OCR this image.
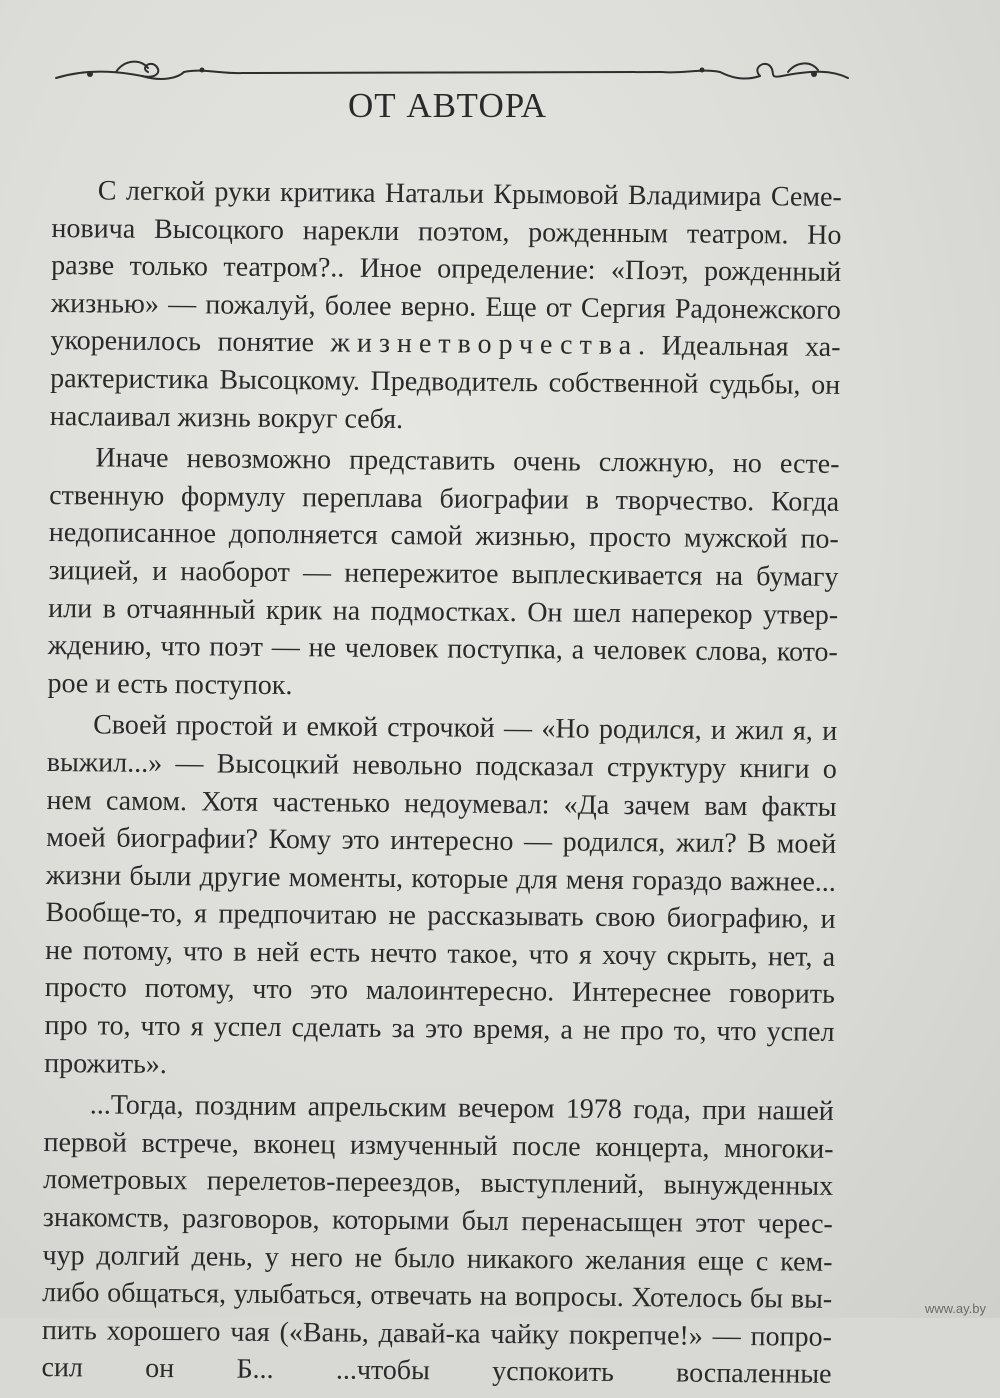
ОТ АВТОРА
С легкой руки критика Натальи Крымовой Владимира Семе-
новича Высоцкого нарекли поэтом, рожденным театром. Но
разве только театром?.. Иное определение: «Поэт, рожденный
жизнью» — пожалуй, более верно. Еще от Сергия Радонежского
укоренилось понятие жизнетворчества. Идеальная ха-
рактеристика Высоцкому. Предводитель собственной судьбы, он
наслаивал жизнь вокруг себя.
Иначе невозможно представить очень сложную, но есте-
ственную формулу переплава биографии в творчество. Когда
недописанное дополняется самой жизнью, просто мужской по-
зицией, и наоборот — непережитое выплескивается на бумагу
или в отчаянный крик на подмостках. Он шел наперекор утвер-
ждению, что поэт — не человек поступка, а человек слова, кото-
рое и есть поступок.
Своей простой и емкой строчкой — «Но родился, и жил я, и
выжил...» — Высоцкий невольно подсказал структуру книги о
нем самом. Хотя частенько недоумевал: «Да зачем вам факты
моей биографии? Кому это интересно — родился, жил? В моей
жизни были другие моменты, которые для меня гораздо важнее...
Вообще-то, я предпочитаю не рассказывать свою биографию, и
не потому, что в ней есть нечто такое, что я хочу скрыть, нет, а
просто потому, что это малоинтересно. Интереснее говорить
про то, что я успел сделать за это время, а не про то, что успел
прожить».
...Тогда, поздним апрельским вечером 1978 года, при нашей
первой встрече, вконец измученный после концерта, многоки-
лометровых перелетов-переездов, выступлений, вынужденных
знакомств, разговоров, которыми был перенасыщен этот черес-
чур долгий день, у него не было никакого желания еще с кем-
либо общаться, улыбаться, отвечать на вопросы. Хотелось бы вы-
пить хорошего чая («Вань, давай-ка чайку покрепче!» — попро-
сил он Б... ...чтобы успокоить воспаленные
www.ay.by
